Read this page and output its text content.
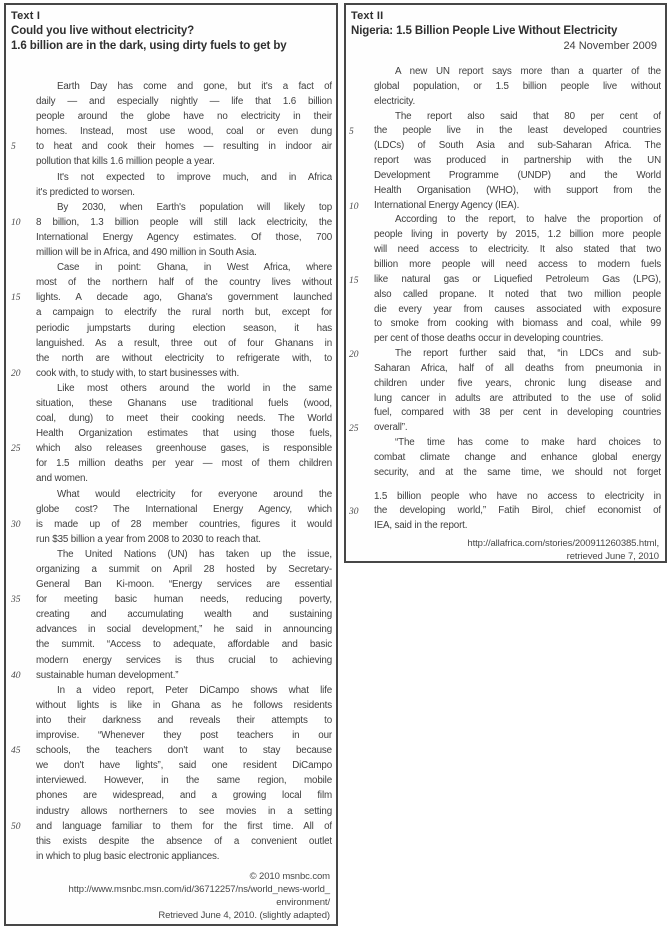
Text I
Could you live without electricity?
1.6 billion are in the dark, using dirty fuels to get by
Earth Day has come and gone, but it's a fact of
daily — and especially nightly — life that 1.6 billion
people around the globe have no electricity in their
homes. Instead, most use wood, coal or even dung
5 to heat and cook their homes — resulting in indoor air
pollution that kills 1.6 million people a year.
It's not expected to improve much, and in Africa
it's predicted to worsen.
By 2030, when Earth's population will likely top
10 8 billion, 1.3 billion people will still lack electricity, the
International Energy Agency estimates. Of those, 700
million will be in Africa, and 490 million in South Asia.
Case in point: Ghana, in West Africa, where
most of the northern half of the country lives without
15 lights. A decade ago, Ghana's government launched
a campaign to electrify the rural north but, except for
periodic jumpstarts during election season, it has
languished. As a result, three out of four Ghanans in
the north are without electricity to refrigerate with, to
20 cook with, to study with, to start businesses with.
Like most others around the world in the same
situation, these Ghanans use traditional fuels (wood,
coal, dung) to meet their cooking needs. The World
Health Organization estimates that using those fuels,
25 which also releases greenhouse gases, is responsible
for 1.5 million deaths per year — most of them children
and women.
What would electricity for everyone around the
globe cost? The International Energy Agency, which
30 is made up of 28 member countries, figures it would
run $35 billion a year from 2008 to 2030 to reach that.
The United Nations (UN) has taken up the issue,
organizing a summit on April 28 hosted by Secretary-
General Ban Ki-moon. “Energy services are essential
35 for meeting basic human needs, reducing poverty,
creating and accumulating wealth and sustaining
advances in social development,” he said in announcing
the summit. “Access to adequate, affordable and basic
modern energy services is thus crucial to achieving
40 sustainable human development.”
In a video report, Peter DiCampo shows what life
without lights is like in Ghana as he follows residents
into their darkness and reveals their attempts to
improvise. “Whenever they post teachers in our
45 schools, the teachers don't want to stay because
we don't have lights”, said one resident DiCampo
interviewed. However, in the same region, mobile
phones are widespread, and a growing local film
industry allows northerners to see movies in a setting
50 and language familiar to them for the first time. All of
this exists despite the absence of a convenient outlet
in which to plug basic electronic appliances.
© 2010 msnbc.com
http://www.msnbc.msn.com/id/36712257/ns/world_news-world_
environment/
Retrieved June 4, 2010. (slightly adapted)
Text II
Nigeria: 1.5 Billion People Live Without Electricity
24 November 2009
A new UN report says more than a quarter of the
global population, or 1.5 billion people live without
electricity.
The report also said that 80 per cent of
5 the people live in the least developed countries
(LDCs) of South Asia and sub-Saharan Africa. The
report was produced in partnership with the UN
Development Programme (UNDP) and the World
Health Organisation (WHO), with support from the
10 International Energy Agency (IEA).
According to the report, to halve the proportion of
people living in poverty by 2015, 1.2 billion more people
will need access to electricity. It also stated that two
billion more people will need access to modern fuels
15 like natural gas or Liquefied Petroleum Gas (LPG),
also called propane. It noted that two million people
die every year from causes associated with exposure
to smoke from cooking with biomass and coal, while 99
per cent of those deaths occur in developing countries.
20	The report further said that, “in LDCs and sub-
Saharan Africa, half of all deaths from pneumonia in
children under five years, chronic lung disease and
lung cancer in adults are attributed to the use of solid
fuel, compared with 38 per cent in developing countries
25 overall”.
“The time has come to make hard choices to
combat climate change and enhance global energy
security, and at the same time, we should not forget
1.5 billion people who have no access to electricity in
30 the developing world,” Fatih Birol, chief economist of
IEA, said in the report.
http://allafrica.com/stories/200911260385.html,
retrieved June 7, 2010
